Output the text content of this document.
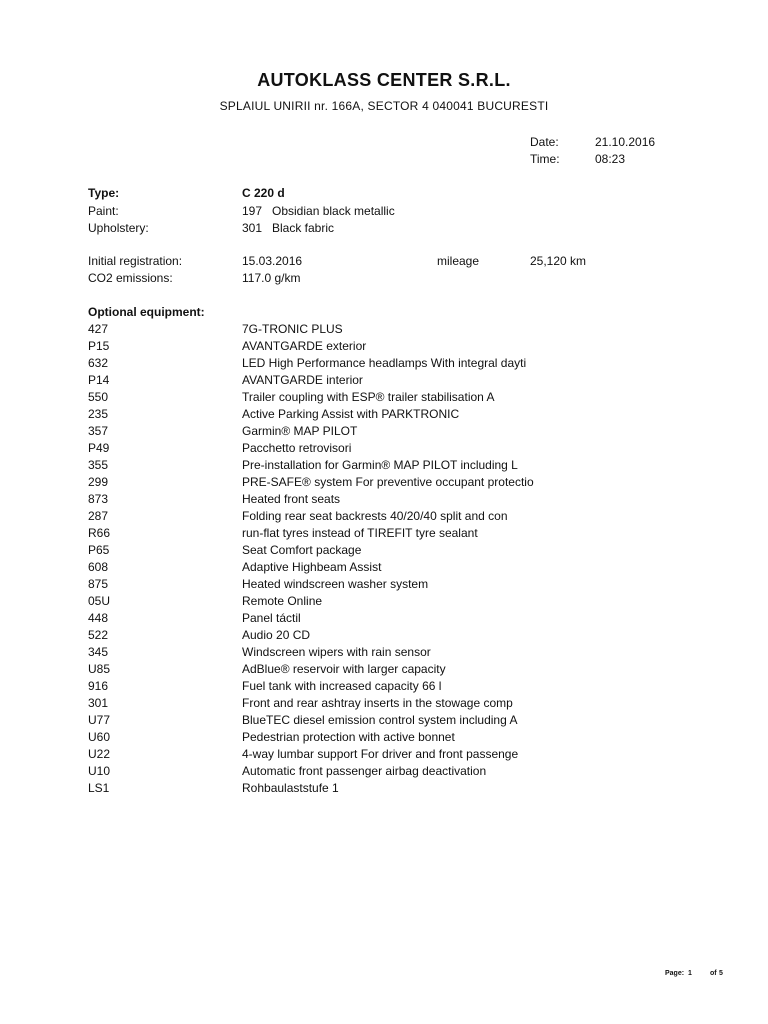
AUTOKLASS CENTER S.R.L.
SPLAIUL UNIRII nr. 166A, SECTOR 4 040041 BUCURESTI
Date:	21.10.2016
Time:	08:23
Type:	C 220 d
Paint:	197 Obsidian black metallic
Upholstery:	301 Black fabric
Initial registration:	15.03.2016	mileage	25,120 km
CO2 emissions:	117.0 g/km
Optional equipment:
427	7G-TRONIC PLUS
P15	AVANTGARDE exterior
632	LED High Performance headlamps With integral dayti
P14	AVANTGARDE interior
550	Trailer coupling with ESP® trailer stabilisation A
235	Active Parking Assist with PARKTRONIC
357	Garmin® MAP PILOT
P49	Pacchetto retrovisori
355	Pre-installation for Garmin® MAP PILOT including L
299	PRE-SAFE® system For preventive occupant protectio
873	Heated front seats
287	Folding rear seat backrests 40/20/40 split and con
R66	run-flat tyres instead of TIREFIT tyre sealant
P65	Seat Comfort package
608	Adaptive Highbeam Assist
875	Heated windscreen washer system
05U	Remote Online
448	Panel táctil
522	Audio 20 CD
345	Windscreen wipers with rain sensor
U85	AdBlue® reservoir with larger capacity
916	Fuel tank with increased capacity 66 l
301	Front and rear ashtray inserts in the stowage comp
U77	BlueTEC diesel emission control system including A
U60	Pedestrian protection with active bonnet
U22	4-way lumbar support For driver and front passenge
U10	Automatic front passenger airbag deactivation
LS1	Rohbaulaststufe 1
Page: 1	of 5
